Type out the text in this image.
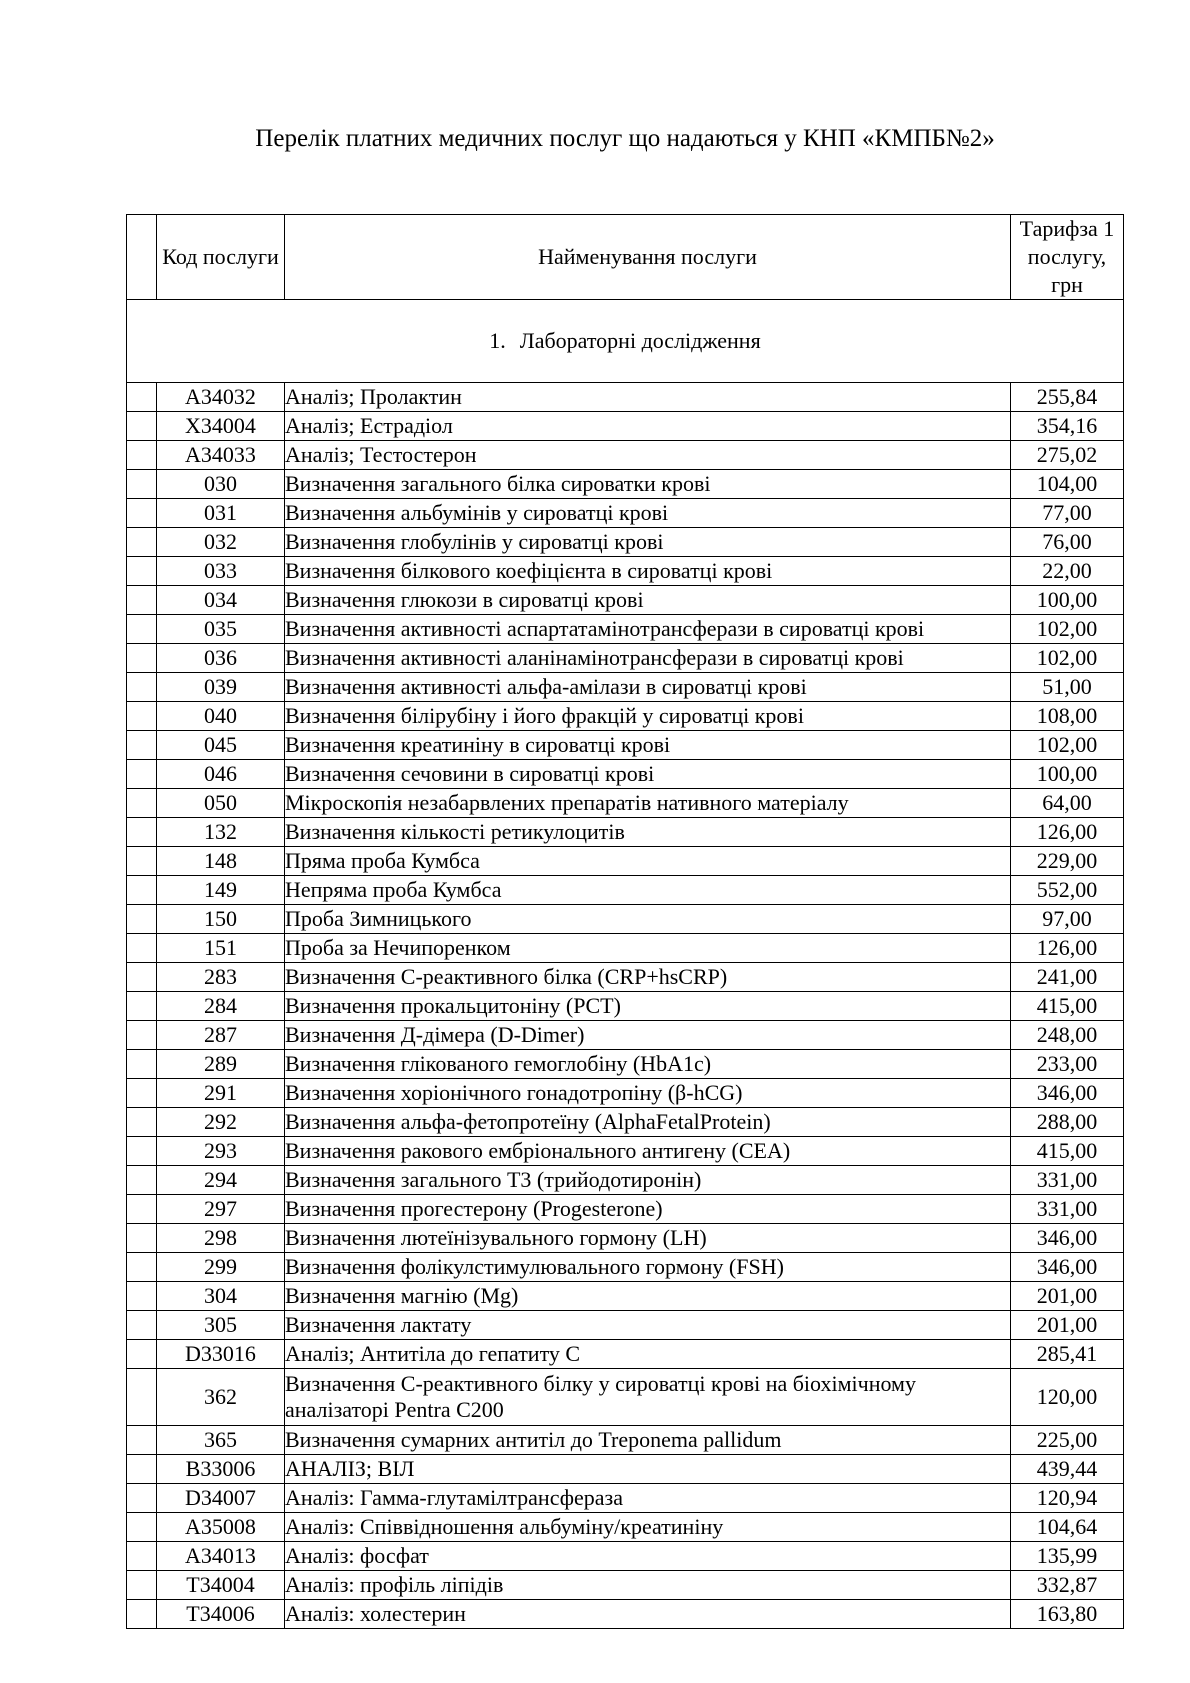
Перелік платних медичних послуг що надаються у КНП «КМПБ№2»
	Код послуги	Найменування послуги	Тарифза 1 послугу, грн
1. Лабораторні дослідження			
	A34032	Аналіз; Пролактин	255,84
	X34004	Аналіз; Естрадіол	354,16
	A34033	Аналіз; Тестостерон	275,02
	030	Визначення загального білка сироватки крові	104,00
	031	Визначення альбумінів у сироватці крові	77,00
	032	Визначення глобулінів у сироватці крові	76,00
	033	Визначення білкового коефіцієнта в сироватці крові	22,00
	034	Визначення глюкози в сироватці крові	100,00
	035	Визначення активності аспартатамінотрансферази в сироватці крові	102,00
	036	Визначення активності аланінамінотрансферази в сироватці крові	102,00
	039	Визначення активності альфа-амілази в сироватці крові	51,00
	040	Визначення білірубіну і його фракцій у сироватці крові	108,00
	045	Визначення креатиніну в сироватці крові	102,00
	046	Визначення сечовини в сироватці крові	100,00
	050	Мікроскопія незабарвлених препаратів нативного матеріалу	64,00
	132	Визначення кількості ретикулоцитів	126,00
	148	Пряма проба Кумбса	229,00
	149	Непряма проба Кумбса	552,00
	150	Проба Зимницького	97,00
	151	Проба за Нечипоренком	126,00
	283	Визначення С-реактивного білка (CRP+hsCRP)	241,00
	284	Визначення прокальцитоніну (PCT)	415,00
	287	Визначення Д-дімера (D-Dimer)	248,00
	289	Визначення глікованого гемоглобіну (HbA1c)	233,00
	291	Визначення хоріонічного гонадотропіну (β-hCG)	346,00
	292	Визначення альфа-фетопротеїну (AlphaFetalProtein)	288,00
	293	Визначення ракового ембріонального антигену (CEA)	415,00
	294	Визначення загального Т3 (трийодотиронін)	331,00
	297	Визначення прогестерону (Progesterone)	331,00
	298	Визначення лютеїнізувального гормону (LH)	346,00
	299	Визначення фолікулстимулювального гормону (FSH)	346,00
	304	Визначення магнію (Mg)	201,00
	305	Визначення лактату	201,00
	D33016	Аналіз; Антитіла до гепатиту С	285,41
	362	Визначення С-реактивного білку у сироватці крові на біохімічному аналізаторі Pentra C200	120,00
	365	Визначення сумарних антитіл до Treponema pallidum	225,00
	B33006	АНАЛІЗ; ВІЛ	439,44
	D34007	Аналіз: Гамма-глутамілтрансфераза	120,94
	A35008	Аналіз: Співвідношення альбуміну/креатиніну	104,64
	A34013	Аналіз: фосфат	135,99
	T34004	Аналіз: профіль ліпідів	332,87
	T34006	Аналіз: холестерин	163,80
